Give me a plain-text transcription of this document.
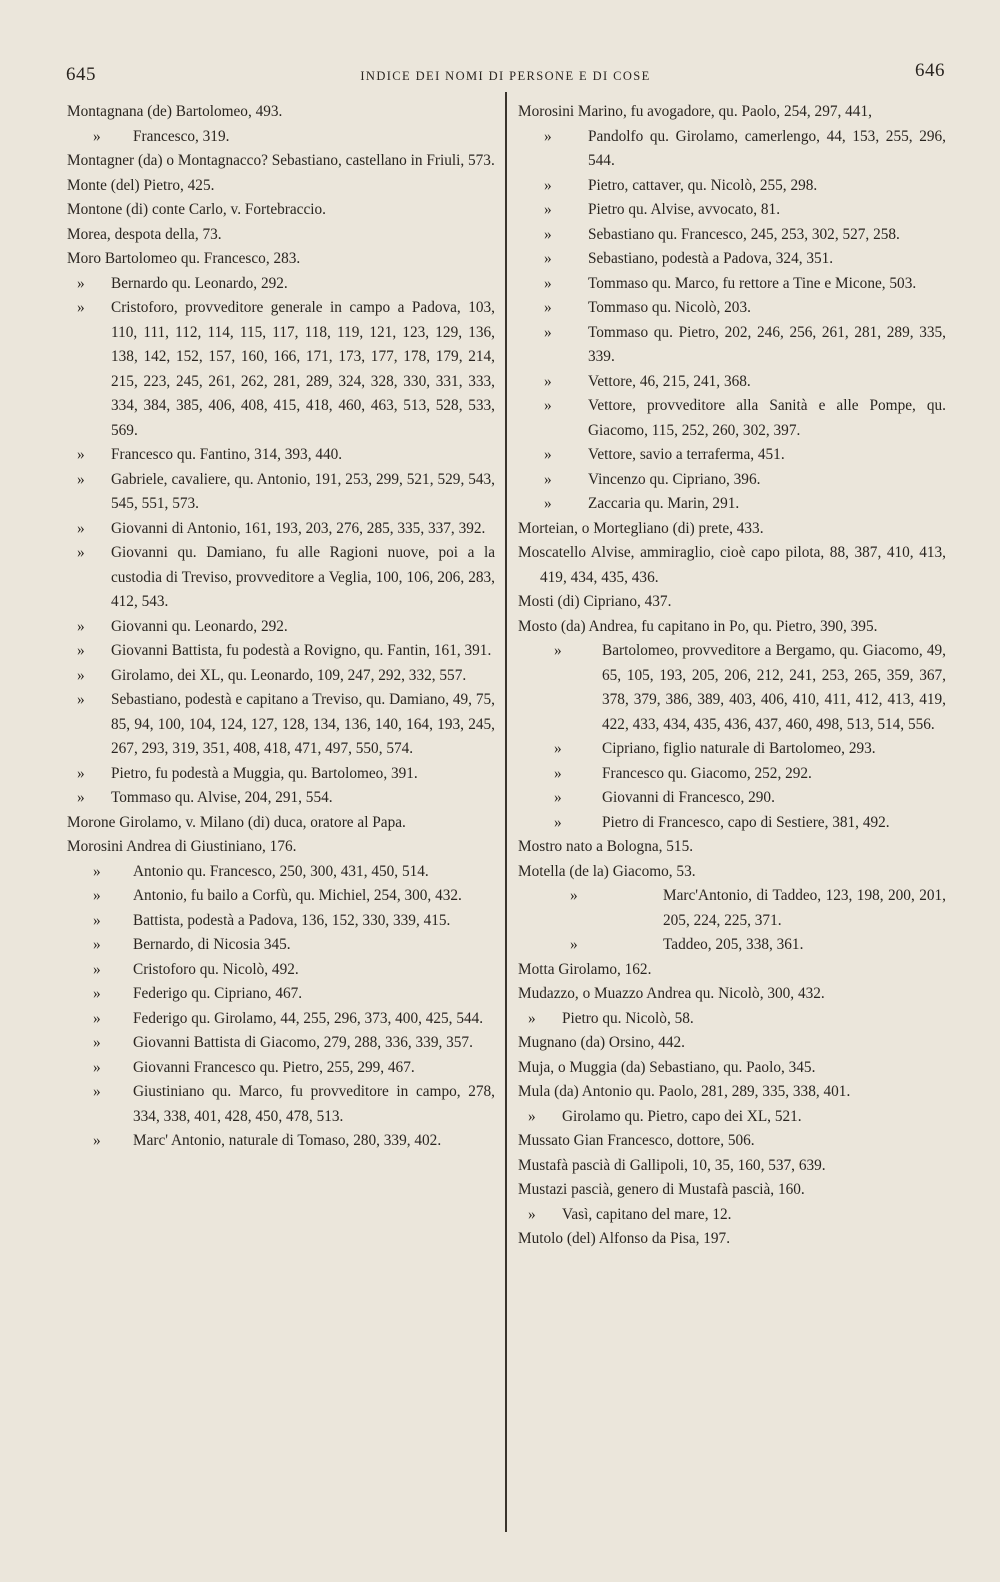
645	INDICE DEI NOMI DI PERSONE E DI COSE	646
Montagnana (de) Bartolomeo, 493.
» Francesco, 319.
Montagner (da) o Montagnacco? Sebastiano, castellano in Friuli, 573.
Monte (del) Pietro, 425.
Montone (di) conte Carlo, v. Fortebraccio.
Morea, despota della, 73.
Moro Bartolomeo qu. Francesco, 283.
» Bernardo qu. Leonardo, 292.
» Cristoforo, provveditore generale in campo a Padova, 103, 110, 111, 112, 114, 115, 117, 118, 119, 121, 123, 129, 136, 138, 142, 152, 157, 160, 166, 171, 173, 177, 178, 179, 214, 215, 223, 245, 261, 262, 281, 289, 324, 328, 330, 331, 333, 334, 384, 385, 406, 408, 415, 418, 460, 463, 513, 528, 533, 569.
» Francesco qu. Fantino, 314, 393, 440.
» Gabriele, cavaliere, qu. Antonio, 191, 253, 299, 521, 529, 543, 545, 551, 573.
» Giovanni di Antonio, 161, 193, 203, 276, 285, 335, 337, 392.
» Giovanni qu. Damiano, fu alle Ragioni nuove, poi a la custodia di Treviso, provveditore a Veglia, 100, 106, 206, 283, 412, 543.
» Giovanni qu. Leonardo, 292.
» Giovanni Battista, fu podestà a Rovigno, qu. Fantin, 161, 391.
» Girolamo, dei XL, qu. Leonardo, 109, 247, 292, 332, 557.
» Sebastiano, podestà e capitano a Treviso, qu. Damiano, 49, 75, 85, 94, 100, 104, 124, 127, 128, 134, 136, 140, 164, 193, 245, 267, 293, 319, 351, 408, 418, 471, 497, 550, 574.
» Pietro, fu podestà a Muggia, qu. Bartolomeo, 391.
» Tommaso qu. Alvise, 204, 291, 554.
Morone Girolamo, v. Milano (di) duca, oratore al Papa.
Morosini Andrea di Giustiniano, 176.
» Antonio qu. Francesco, 250, 300, 431, 450, 514.
» Antonio, fu bailo a Corfù, qu. Michiel, 254, 300, 432.
» Battista, podestà a Padova, 136, 152, 330, 339, 415.
» Bernardo, di Nicosia 345.
» Cristoforo qu. Nicolò, 492.
» Federigo qu. Cipriano, 467.
» Federigo qu. Girolamo, 44, 255, 296, 373, 400, 425, 544.
» Giovanni Battista di Giacomo, 279, 288, 336, 339, 357.
» Giovanni Francesco qu. Pietro, 255, 299, 467.
» Giustiniano qu. Marco, fu provveditore in campo, 278, 334, 338, 401, 428, 450, 478, 513.
» Marc' Antonio, naturale di Tomaso, 280, 339, 402.
Morosini Marino, fu avogadore, qu. Paolo, 254, 297, 441,
» Pandolfo qu. Girolamo, camerlengo, 44, 153, 255, 296, 544.
» Pietro, cattaver, qu. Nicolò, 255, 298.
» Pietro qu. Alvise, avvocato, 81.
» Sebastiano qu. Francesco, 245, 253, 302, 527, 258.
» Sebastiano, podestà a Padova, 324, 351.
» Tommaso qu. Marco, fu rettore a Tine e Micone, 503.
» Tommaso qu. Nicolò, 203.
» Tommaso qu. Pietro, 202, 246, 256, 261, 281, 289, 335, 339.
» Vettore, 46, 215, 241, 368.
» Vettore, provveditore alla Sanità e alle Pompe, qu. Giacomo, 115, 252, 260, 302, 397.
» Vettore, savio a terraferma, 451.
» Vincenzo qu. Cipriano, 396.
» Zaccaria qu. Marin, 291.
Morteian, o Mortegliano (di) prete, 433.
Moscatello Alvise, ammiraglio, cioè capo pilota, 88, 387, 410, 413, 419, 434, 435, 436.
Mosti (di) Cipriano, 437.
Mosto (da) Andrea, fu capitano in Po, qu. Pietro, 390, 395.
»	Bartolomeo, provveditore a Bergamo, qu. Giacomo, 49, 65, 105, 193, 205, 206, 212, 241, 253, 265, 359, 367, 378, 379, 386, 389, 403, 406, 410, 411, 412, 413, 419, 422, 433, 434, 435, 436, 437, 460, 498, 513, 514, 556.
»	Cipriano, figlio naturale di Bartolomeo, 293.
»	Francesco qu. Giacomo, 252, 292.
»	Giovanni di Francesco, 290.
»	Pietro di Francesco, capo di Sestiere, 381, 492.
Mostro nato a Bologna, 515.
Motella (de la) Giacomo, 53.
»	Marc'Antonio, di Taddeo, 123, 198, 200, 201, 205, 224, 225, 371.
»	Taddeo, 205, 338, 361.
Motta Girolamo, 162.
Mudazzo, o Muazzo Andrea qu. Nicolò, 300, 432.
» Pietro qu. Nicolò, 58.
Mugnano (da) Orsino, 442.
Muja, o Muggia (da) Sebastiano, qu. Paolo, 345.
Mula (da) Antonio qu. Paolo, 281, 289, 335, 338, 401.
» Girolamo qu. Pietro, capo dei XL, 521.
Mussato Gian Francesco, dottore, 506.
Mustafà pascià di Gallipoli, 10, 35, 160, 537, 639.
Mustazi pascià, genero di Mustafà pascià, 160.
» Vasì, capitano del mare, 12.
Mutolo (del) Alfonso da Pisa, 197.
